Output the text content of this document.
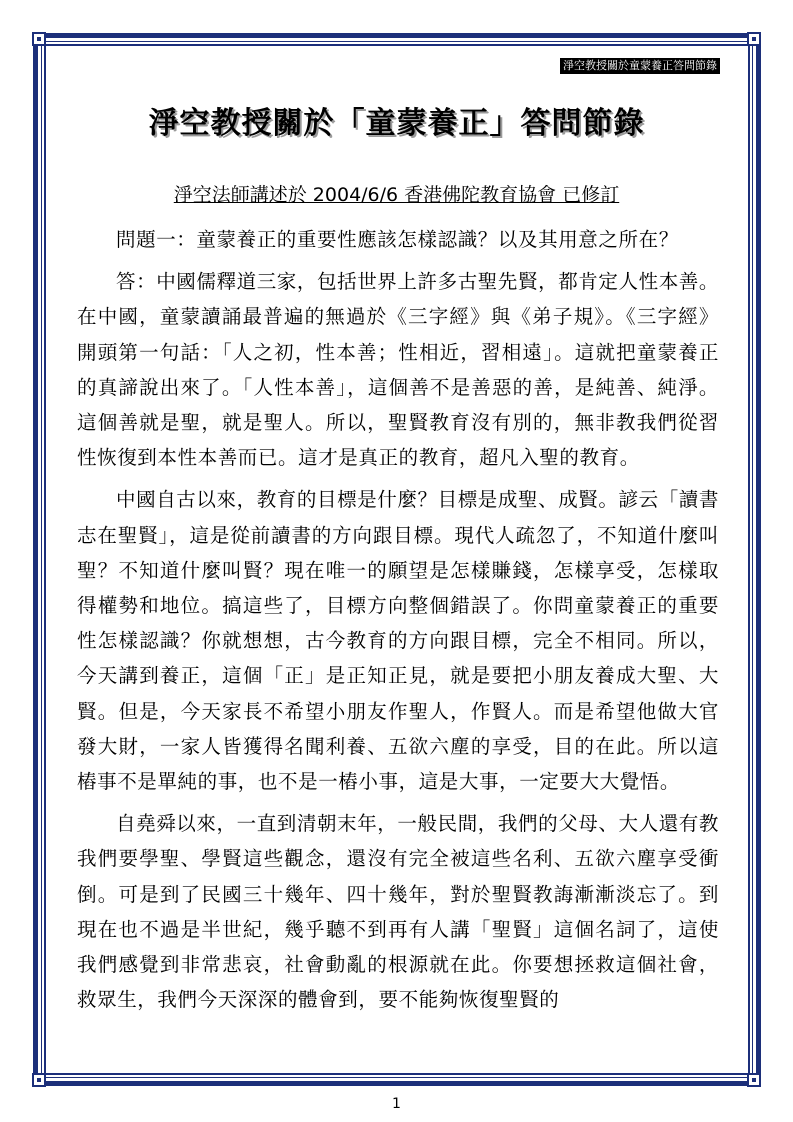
淨空教授關於童蒙養正答問節錄
淨空教授關於「童蒙養正」答問節錄
淨空法師講述於 2004/6/6 香港佛陀教育協會 已修訂

問題一：童蒙養正的重要性應該怎樣認識？以及其用意之所在？

答：中國儒釋道三家，包括世界上許多古聖先賢，都肯定人性本善。在中國，童蒙讀誦最普遍的無過於《三字經》與《弟子規》。《三字經》開頭第一句話：「人之初，性本善；性相近，習相遠」。這就把童蒙養正的真諦說出來了。「人性本善」，這個善不是善惡的善，是純善、純淨。這個善就是聖，就是聖人。所以，聖賢教育沒有別的，無非教我們從習性恢復到本性本善而已。這才是真正的教育，超凡入聖的教育。

中國自古以來，教育的目標是什麼？目標是成聖、成賢。諺云「讀書志在聖賢」，這是從前讀書的方向跟目標。現代人疏忽了，不知道什麼叫聖？不知道什麼叫賢？現在唯一的願望是怎樣賺錢，怎樣享受，怎樣取得權勢和地位。搞這些了，目標方向整個錯誤了。你問童蒙養正的重要性怎樣認識？你就想想，古今教育的方向跟目標，完全不相同。所以，今天講到養正，這個「正」是正知正見，就是要把小朋友養成大聖、大賢。但是，今天家長不希望小朋友作聖人，作賢人。而是希望他做大官發大財，一家人皆獲得名聞利養、五欲六塵的享受，目的在此。所以這樁事不是單純的事，也不是一樁小事，這是大事，一定要大大覺悟。

自堯舜以來，一直到清朝末年，一般民間，我們的父母、大人還有教我們要學聖、學賢這些觀念，還沒有完全被這些名利、五欲六塵享受衝倒。可是到了民國三十幾年、四十幾年，對於聖賢教誨漸漸淡忘了。到現在也不過是半世紀，幾乎聽不到再有人講「聖賢」這個名詞了，這使我們感覺到非常悲哀，社會動亂的根源就在此。你要想拯救這個社會，救眾生，我們今天深深的體會到，要不能夠恢復聖賢的

1
